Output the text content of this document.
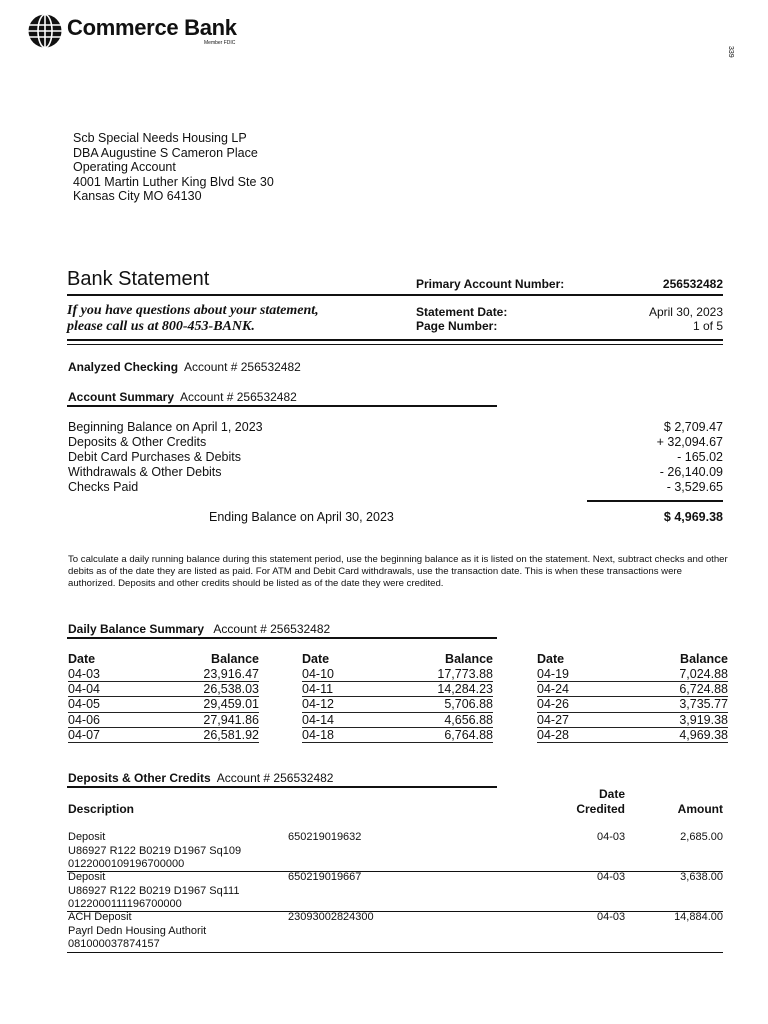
Commerce Bank
Member FDIC
339
Scb Special Needs Housing LP
DBA Augustine S Cameron Place
Operating Account
4001 Martin Luther King Blvd Ste 30
Kansas City MO 64130
Bank Statement	Primary Account Number:	256532482
If you have questions about your statement,
please call us at 800-453-BANK.
Statement Date:	April 30, 2023
Page Number:	1 of 5
Analyzed Checking Account # 256532482
Account Summary Account # 256532482
Beginning Balance on April 1, 2023	$ 2,709.47
Deposits & Other Credits	+ 32,094.67
Debit Card Purchases & Debits	- 165.02
Withdrawals & Other Debits	- 26,140.09
Checks Paid	- 3,529.65
Ending Balance on April 30, 2023	$ 4,969.38
To calculate a daily running balance during this statement period, use the beginning balance as it is listed on the statement. Next, subtract checks and other debits as of the date they are listed as paid. For ATM and Debit Card withdrawals, use the transaction date. This is when these transactions were authorized. Deposits and other credits should be listed as of the date they were credited.
Daily Balance Summary Account # 256532482
Date	Balance
04-03	23,916.47
04-04	26,538.03
04-05	29,459.01
04-06	27,941.86
04-07	26,581.92
Date	Balance
04-10	17,773.88
04-11	14,284.23
04-12	5,706.88
04-14	4,656.88
04-18	6,764.88
Date	Balance
04-19	7,024.88
04-24	6,724.88
04-26	3,735.77
04-27	3,919.38
04-28	4,969.38
Deposits & Other Credits Account # 256532482
Description
Date
Credited	Amount
Deposit
U86927 R122 B0219 D1967 Sq109
0122000109196700000
650219019632	04-03	2,685.00
Deposit
U86927 R122 B0219 D1967 Sq111
0122000111196700000
650219019667	04-03	3,638.00
ACH Deposit
Payrl Dedn Housing Authorit
081000037874157
23093002824300	04-03	14,884.00
